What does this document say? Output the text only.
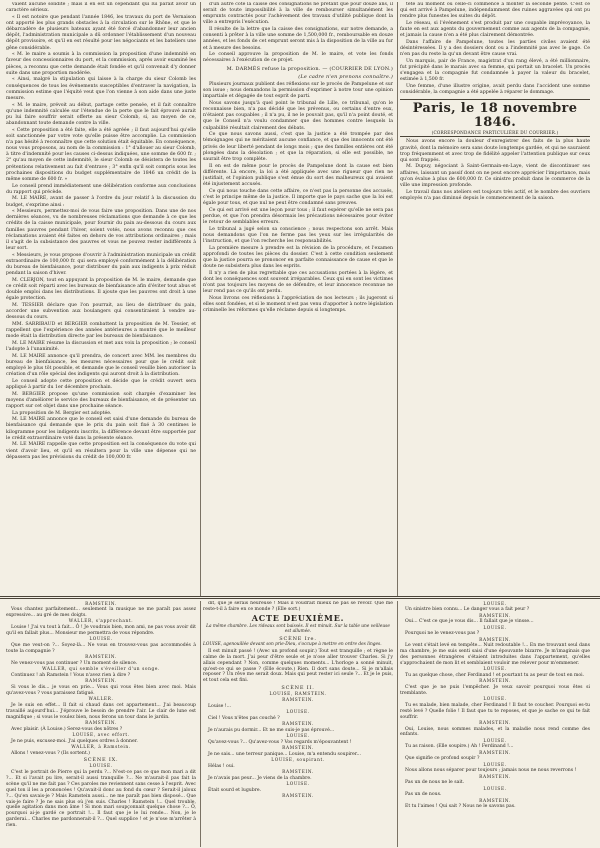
vaient aucune solidité ; mais il en est un cependant qui lui parait avoir un caractère sérieux.

« Il est notoire que pendant l'année 1846, les travaux du port de Vernaison ont apporté les plus grands obstacles à la circulation sur le Rhône, et que le débarcadère de plusieurs bateaux ayant été forcé d'abandonner leur ancien dépôt, l'administration municipale a dû ordonner l'établissement d'un nouveau dépôt provisoire, et qu'il en est résulté pour les négociants et les bateliers une gêne considérable.

« M. le maire a soumis à la commission la proposition d'une indemnité en faveur des concessionnaires du port, et la commission, après avoir examiné les pièces, a reconnu que cette demande était fondée et qu'il convenait d'y donner suite dans une proportion modérée.

« Ainsi, malgré la stipulation qui laisse à la charge du sieur Colomb les conséquences de tous les événements susceptibles d'entraver la navigation, la commission estime que l'équité veut que l'on vienne à son aide dans une juste mesure.

« M. le maire, prévoit au début, partage cette pensée, et il fait connaître qu'une indemnité calculée sur l'étendue de la perte que le fait éprouvé aurait pu lui faire souffrir serait offerte au sieur Colomb, si, au moyen de ce, abandonnant toute demande contre la ville.

« Cette proposition a été faite, elle a été agréée ; il faut aujourd'hui qu'elle soit sanctionnée par votre vote qu'elle puisse être accomplie. La commission n'a pas hésité à reconnaître que cette solution était équitable. En conséquence, nous vous proposons, au nom de la commission : 1° d'allouer au sieur Colomb, à titre d'indemnité pour les causes ci-dessus indiquées, une somme de 600 fr. ; 2° qu'au moyen de cette indemnité, le sieur Colomb se désistera de toutes les prétentions relativement au fait d'entrave ; 3° enfin qu'il soit compris sous les prochaines dispositions du budget supplémentaire de 1846 un crédit de la même somme de 600 fr. »

Le conseil prend immédiatement une délibération conforme aux conclusions du rapport qui précède.

M. LE MAIRE, avant de passer à l'ordre du jour relatif à la discussion du budget, s'exprime ainsi :

« Messieurs, permettez-moi de vous faire une proposition. Dans une de nos dernières séances, vu de nombreuses réclamations que demande à ce que les crédits de la caisse municipale, pour fournir du pain au-dessous du cours aux familles pauvres pendant l'hiver, soient votés, nous avons reconnu que ces réclamations avaient été faites en dehors de vos attributions ordinaires ; mais il s'agit de la subsistance des pauvres et vous ne pouvez rester indifférents à leur sort.

« Messieurs, je vous propose d'ouvrir à l'administration municipale un crédit extraordinaire de 100,000 fr. qui sera employé conformément à la délibération du bureau de bienfaisance, pour distribuer du pain aux indigents à prix réduit pendant la saison d'hiver.

M. CLERJON, tout en appuyant la proposition de M. le maire, demande que ce crédit soit réparti avec les bureaux de bienfaisance afin d'éviter tout abus et double emploi dans les distributions. Il ajoute que les pauvres ont droit à une égale protection.

M. TESSIER déclare que l'on pourrait, au lieu de distribuer du pain, accorder une subvention aux boulangers qui consentiraient à vendre au-dessous du cours.

MM. SARRIBAUD et BERGIER combattent la proposition de M. Tessier, et rappellent que l'expérience des années antérieures a montré que le meilleur mode était la distribution directe par les bureaux de bienfaisance.

M. LE MAIRE résume la discussion et met aux voix la proposition ; le conseil l'adopte à l'unanimité.

M. LE MAIRE annonce qu'il prendra, de concert avec MM. les membres du bureau de bienfaisance, les mesures nécessaires pour que le crédit soit employé le plus tôt possible, et demande que le conseil veuille bien autoriser la création d'un rôle spécial des indigents qui auront droit à la distribution.

Le conseil adopte cette proposition et décide que le crédit ouvert sera appliqué à partir du 1er décembre prochain.

M. BERGIER propose qu'une commission soit chargée d'examiner les moyens d'améliorer le service des bureaux de bienfaisance, et de présenter un rapport sur cet objet dans une prochaine séance.

La proposition de M. Bergier est adoptée.

M. LE MAIRE annonce que le conseil est saisi d'une demande du bureau de bienfaisance qui demande que le prix du pain soit fixé à 30 centimes le kilogramme pour les indigents inscrits, la différence devant être supportée par le crédit extraordinaire voté dans la présente séance.

M. LE MAIRE rappelle que cette proposition est la conséquence du vote qui vient d'avoir lieu, et qu'il en résultera pour la ville une dépense qui ne dépassera pas les prévisions du crédit de 100,000 fr.

d'un autre côté la caisse des consignations ne prêtant que pour douze ans, il serait de toute impossibilité à la ville de rembourser simultanément les emprunts contractés pour l'achèvement des travaux d'utilité publique dont la ville a entrepris l'exécution.

Il résulte de la lettre que la caisse des consignations, sur notre demande, a consenti à prêter à la ville une somme de 1,500,000 fr., remboursable en douze années, et les fonds de cet emprunt seront mis à la disposition de la ville au fur et à mesure des besoins.

Le conseil approuve la proposition de M. le maire, et vote les fonds nécessaires à l'exécution de ce projet.

M. DARMÈS refuse la proposition. — (COURRIER DE LYON.)

(Le cadre n'en prenons connaître.)

Plusieurs journaux publient des réflexions sur le procès de Pampelune et sur son issue ; nous demandons la permission d'exprimer à notre tour une opinion impartiale et dégagée de tout esprit de parti.

Nous savons jusqu'à quel point le tribunal de Lille, ce tribunal, qu'on le reconnaisse bien, n'a pas décidé que les prévenus, ou certains d'entre eux, n'étaient pas coupables ; il n'a pu, il ne le pouvait pas, qu'il n'a point douté, et que le Conseil n'a voulu condamner que des hommes contre lesquels la culpabilité résultait clairement des débats.

Ce que nous savons aussi, c'est que la justice a été trompée par des témoignages qui ne méritaient aucune confiance, et que des innocents ont été privés de leur liberté pendant de longs mois ; que des familles entières ont été plongées dans la désolation ; et que la réparation, si elle est possible, ne saurait être trop complète.

Il en est de même pour le procès de Pampelune dont la cause est bien différente. Là encore, la loi a été appliquée avec une rigueur que rien ne justifiait, et l'opinion publique s'est émue du sort des malheureux qui avaient été injustement accusés.

Ce qui nous touche dans cette affaire, ce n'est pas la personne des accusés, c'est le principe même de la justice. Il importe que le pays sache que la loi est égale pour tous, et que nul ne peut être condamné sans preuves.

Ce qui est arrivé est une leçon pour tous ; il faut espérer qu'elle ne sera pas perdue, et que l'on prendra désormais les précautions nécessaires pour éviter le retour de semblables erreurs.

Le tribunal a jugé selon sa conscience ; nous respectons son arrêt. Mais nous demandons que l'on ne ferme pas les yeux sur les irrégularités de l'instruction, et que l'on recherche les responsabilités.

La première mesure à prendre est la révision de la procédure, et l'examen approfondi de toutes les pièces du dossier. C'est à cette condition seulement que la justice pourra se prononcer en parfaite connaissance de cause et que le doute ne subsistera plus dans les esprits.

Il n'y a rien de plus regrettable que ces accusations portées à la légère, et dont les conséquences sont souvent irréparables. Ceux qui en sont les victimes n'ont pas toujours les moyens de se défendre, et leur innocence reconnue ne leur rend pas ce qu'ils ont perdu.

Nous livrons ces réflexions à l'appréciation de nos lecteurs ; ils jugeront si elles sont fondées, et si le moment n'est pas venu d'apporter à notre législation criminelle les réformes qu'elle réclame depuis si longtemps.

tête au moment où celle-ci commence à monter la seconde pente. C'est ce qui est arrivé à Pampelune, indépendamment des ruines aggravées qui ont pu rendre plus funestes les suites du dépôt.

Le réseau, si l'événement s'est produit par une coupable imprévoyance, la faute en est aux agents du gouvernement comme aux agents de la compagnie, et jamais la cause n'en a été plus clairement démontrée.

Dans l'affaire de Pampelune, toutes les parties civiles avaient été désintéressées. Il y a des dossiers dont ou a l'indemnité pas avec le gage. Ce n'en pas du reste la qu'un devant être cause vrai.

Un marquis, pair de France, magistrat d'un rang élevé, a été millionnaire, fut précipité dans le marais avec sa femme, qui portait un bracelet. Un procès s'engagea et la compagnie fut condamnée à payer la valeur du bracelet, estimée à 1,500 fr.

Une femme, d'une illustre origine, avait perdu dans l'accident une somme considérable, la compagnie a été appelée à réparer le dommage.

Paris, le 18 novembre 1846.
(CORRESPONDANCE PARTICULIÈRE DU COURRIER.)

Nous avons encore la douleur d'enregistrer des faits de la plus haute gravité, dont la mémoire sera sans doute longtemps gardée, et qui ne sauraient trop fréquemment et avec trop de fidélité appeler l'attention publique sur ceux qui sont frappés.

M. Dupuy, négociant à Saint-Germain-en-Laye, vient de discontinuer ses affaires, laissant un passif dont on ne peut encore apprécier l'importance, mais qu'on évalue à plus de 600,000 fr. Ce sinistre produit dans le commerce de la ville une impression profonde.

Le travail dans nos ateliers est toujours très actif, et le nombre des ouvriers employés n'a pas diminué depuis le commencement de la saison.

RAMSTEIN.

Vous chantez parfaitement... seulement la musique ne me paraît pas assez expressive... au gré de mes doigts.

WALLER, s'approchant.

Louise ! J'ai vu tout à fait... Ô ! Je voudrais bien, mon ami, ne pas vous avoir dit qu'il en fallait plus... Monsieur me permettra de vous répondre.

LOUISE.

Que me veut-on ?... Soyez-là... Ne vous en trouvez-vous pas accommodés à toute la compagnie ?

RAMSTEIN.

Ne venez-vous pas continuer ? Un moment de silence.

WALLER, qui semble s'éveiller d'un songe.

Continuez ! ah Ramstein ! Vous n'avez rien à dire ?

RAMSTEIN.

Si vous le dis... je vous en prie... Vous qui vous êtes bien avec moi. Mais qu'avez-vous ? vous paraissez fatigué.

WALLER.

Je le suis en effet... Il fait si chaud dans cet appartement... J'ai beaucoup travaillé aujourd'hui... J'éprouve le besoin de prendre l'air. Le clair de lune est magnifique ; si vous le voulez bien, nous ferons un tour dans le jardin.

RAMSTEIN.

Avec plaisir. (À Louise.) Serez-vous des nôtres ?

LOUISE, avec effort.

Je ne puis, excusez-moi. J'ai quelques ordres à donner.

WALLER, à Ramstein.

Allons ! venez-vous ? (Ils sortent.)

SCÈNE IX.

LOUISE.

C'est le portrait de Pierre qui la perdu ?... N'est-ce pas ce que mon mari a dit ?... Et si l'avait pu lire, serait-il aussi tranquille ?... Ne m'aurait-il pas fait la scène qu'il ne me fait pas ? Ces paroles me reviennent sans cesse à l'esprit. Avec quel ton il les a prononcées ! Qu'avait-il donc au fond du cœur ? Serait-il jaloux ?... Qu'en savais-je ? Mais Ramstein aussi... ne me paraît pas bien disposé... Que vais-je faire ? Je ne sais plus où j'en suis. Charles ! Ramstein !... Quel trouble, quelle agitation dans mon âme ! Si mon mari soupçonnait quelque chose ?... Ô, pourquoi ai-je gardé ce portrait !... Il faut que je le lui rende... Non, je le garderai... Charles me pardonnerait-il ?... Quel supplice ! et je n'ose m'arrêter à rien.

dit, que je serais heureuse ! Mais il voudrait mieux ne pas se revoir. Que me reste-t-il à faire en ce monde ? (Elle sort.)

ACTE DEUXIÈME.

La même chambre. Les rideaux sont baissés. Il est minuit. Sur la table une veilleuse est allumée.

SCÈNE Ire.

LOUISE, agenouillée devant son prie-Dieu, s'occupe à mettre en ordre des linges.

Il est minuit passé ! (Avec un profond soupir.) Tout est tranquille ; et règne le calme de la mort. J'ai peur d'être seule et je n'ose aller trouver Charles. Si j'y allais cependant ? Non, comme quelques moments... L'horloge a sonné minuit, qu'est-ce qui se passe ? (Elle écoute.) Rien. Il dort sans doute... Si je m'allais reposer ? Un rêve me serait doux. Mais qui peut rester ici seule ?... Et je le puis, et tout cela est fini.

SCÈNE II.

LOUISE, RAMSTEIN.

RAMSTEIN.

Louise !...

LOUISE.

Ciel ! Vous n'êtes pas couché ?

RAMSTEIN.

Je n'aurais pu dormir... Et ne me suis-je pas éprouvé...

LOUISE.

Qu'avez-vous ?... Qu'avez-vous ? Vos regards m'épouvantent !

RAMSTEIN.

Je ne sais... une terreur panique... Louise, m'a entendu soupirer...

LOUISE, soupirant.

Hélas ! oui.

RAMSTEIN.

Je n'avais pas peur... Je viens de la chambre.

LOUISE.

Était sourd et lugubre.

RAMSTEIN.

LOUISE.

Un sinistre bien connu... Le danger vous a fait peur ?

RAMSTEIN.

Oui... C'est ce que je vous dis... Il fallait que je vinsse...

LOUISE.

Pourquoi ne le venez-vous pas ?

RAMSTEIN.

Le vent s'était levé en tempête... Nuit redoutable !... En me trouvant seul dans ma chambre, je me suis senti saisi d'une épouvante bizarre. Je m'imaginais que des personnes étrangères s'étaient introduites dans l'appartement, qu'elles s'approchaient de mon lit et semblaient vouloir me relever pour m'emmener.

LOUISE.

Tu as quelque chose, cher Ferdinand ! et pourtant tu as peur de tout en moi.

RAMSTEIN.

C'est que je ne puis l'empêcher. Je veux savoir pourquoi vous êtes si tremblante.

LOUISE.

Tu es malade, bien malade, cher Ferdinand ! Il faut te coucher. Pourquoi es-tu resté levé ? Quelle folie ! Il faut que tu te reposes, et que je sache ce qui te fait souffrir.

RAMSTEIN.

Oui, Louise, nous sommes malades, et la maladie nous rend comme des enfants.

LOUISE.

Tu as raison. (Elle soupire.) Ah ! Ferdinand !...

RAMSTEIN.

Que signifie ce profond soupir ?

LOUISE.

Nous allons nous séparer pour toujours ; jamais nous ne nous reverrons !

RAMSTEIN.

Pas un de nous ne le sait.

LOUISE.

Pas un de nous.

RAMSTEIN.

Et tu l'aimes ! Qui sait ? Nous ne le savons pas.
